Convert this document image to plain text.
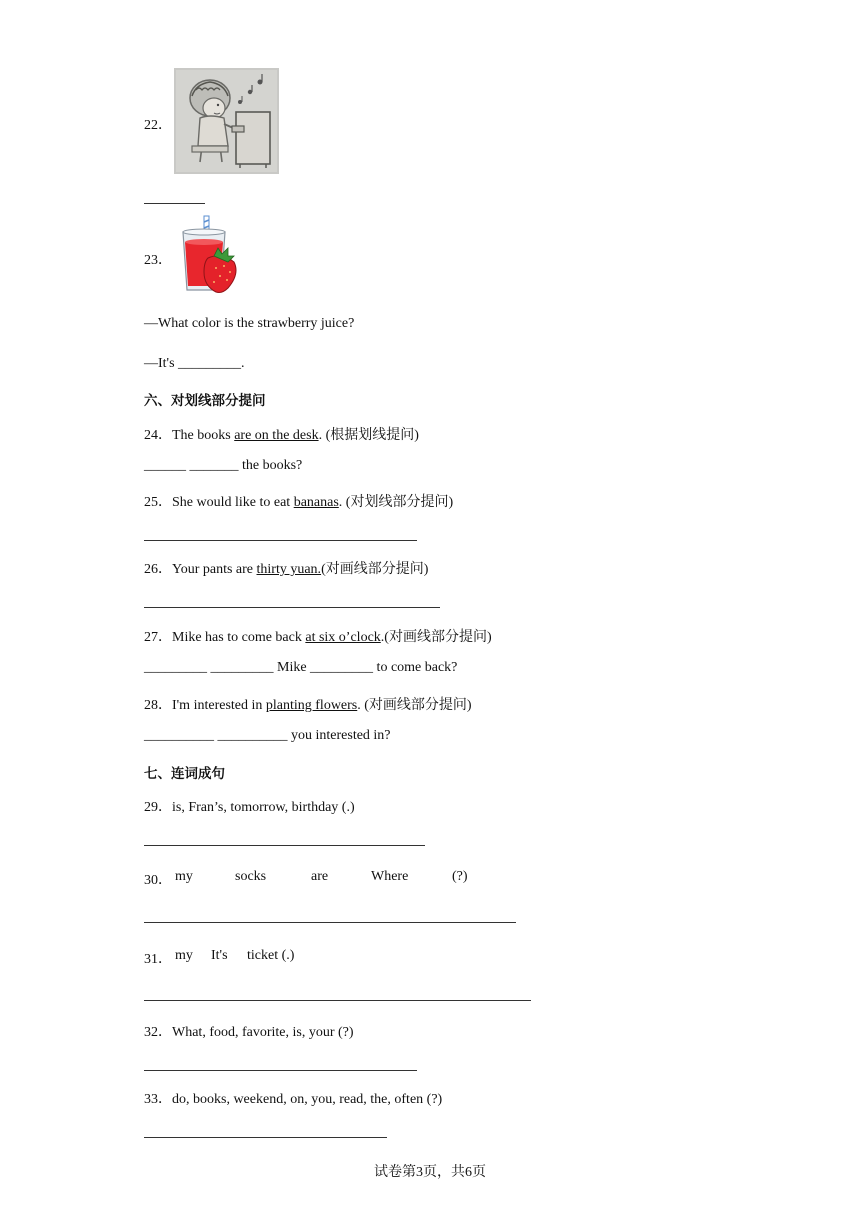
22．
23．
—What color is the strawberry juice?
—It's _________.
六、对划线部分提问
24．The books are on the desk. (根据划线提问)
______ _______ the books?
25．She would like to eat bananas. (对划线部分提问)
26．Your pants are thirty yuan.(对画线部分提问)
27．Mike has to come back at six o’clock.(对画线部分提问)
_________ _________ Mike _________ to come back?
28．I'm interested in planting flowers. (对画线部分提问)
__________ __________ you interested in?
七、连词成句
29．is, Fran’s, tomorrow, birthday (.)
30． my	socks	are	Where	(?)
31． my It's ticket (.)
32．What, food, favorite, is, your (?)
33．do, books, weekend, on, you, read, the, often (?)
试卷第3页，共6页
